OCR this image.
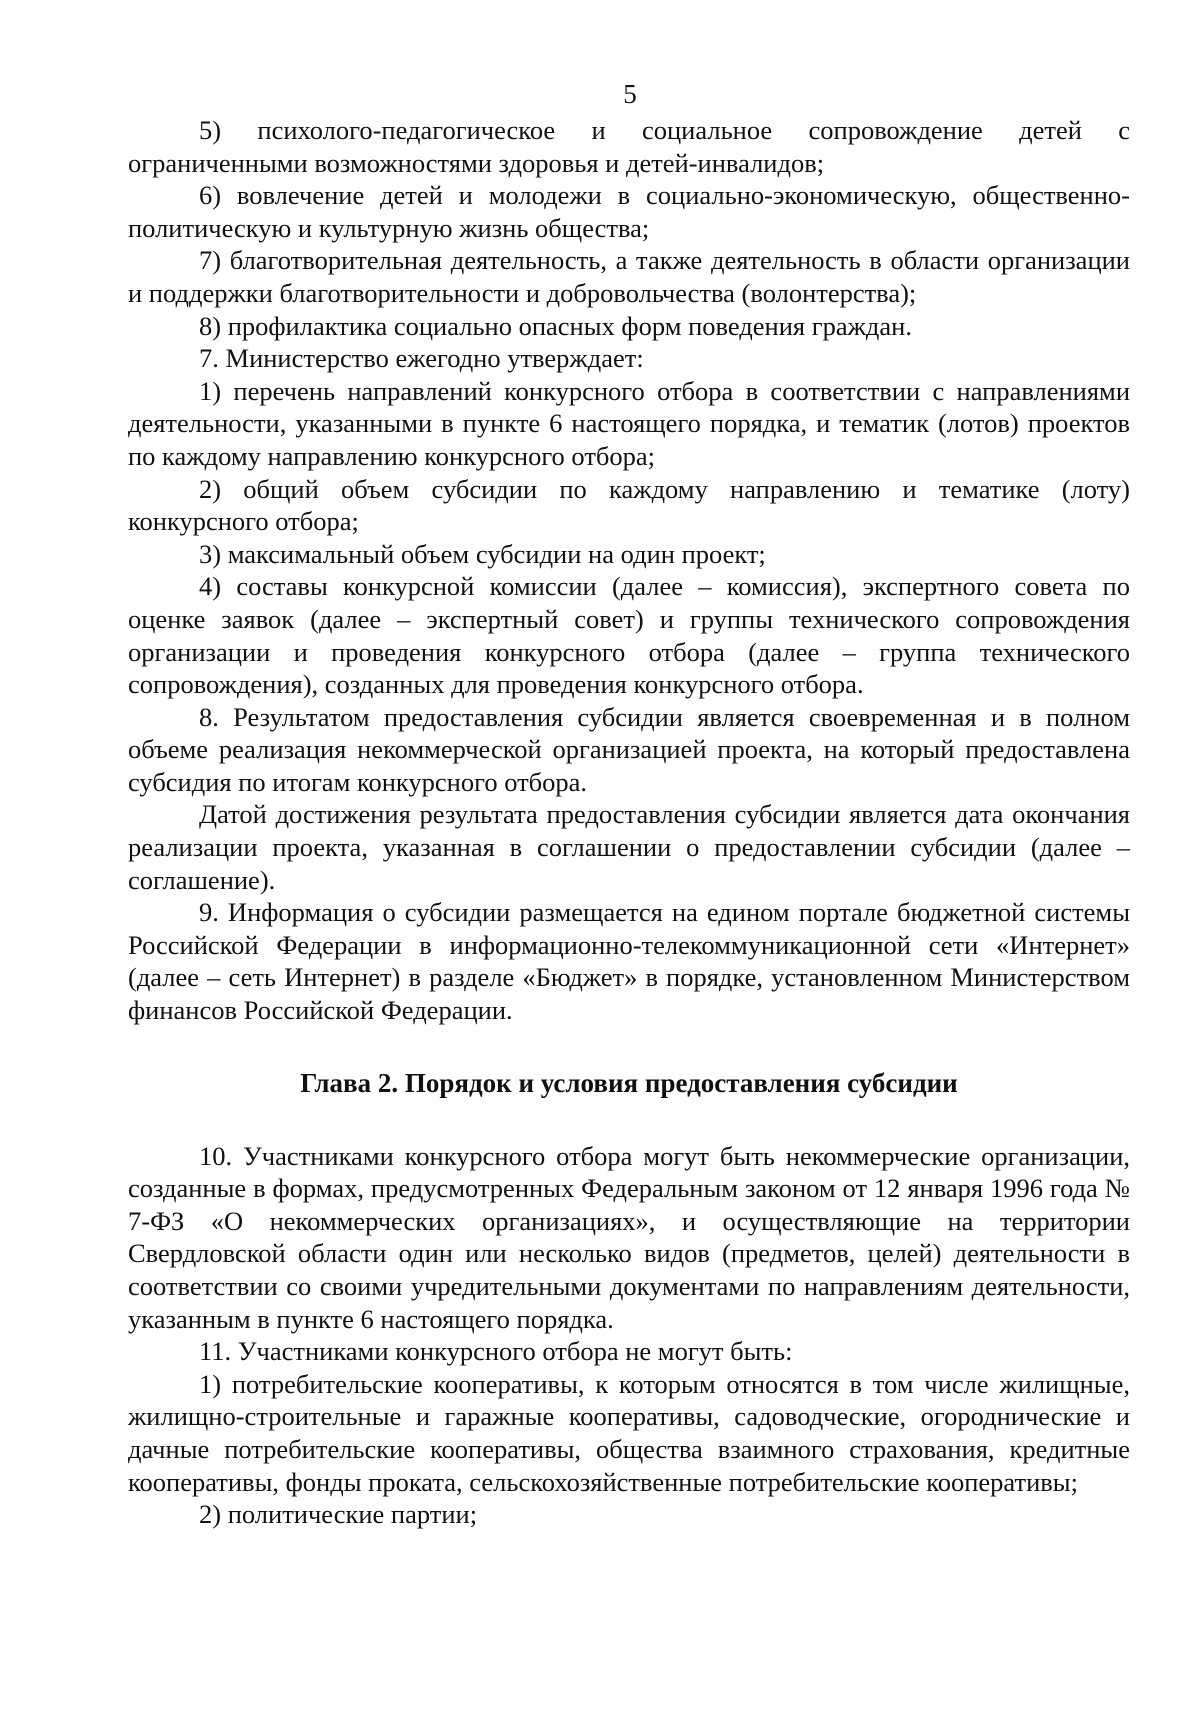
5

5) психолого-педагогическое и социальное сопровождение детей с ограниченными возможностями здоровья и детей-инвалидов;

6) вовлечение детей и молодежи в социально-экономическую, общественно-политическую и культурную жизнь общества;

7) благотворительная деятельность, а также деятельность в области организации и поддержки благотворительности и добровольчества (волонтерства);

8) профилактика социально опасных форм поведения граждан.

7. Министерство ежегодно утверждает:

1) перечень направлений конкурсного отбора в соответствии с направлениями деятельности, указанными в пункте 6 настоящего порядка, и тематик (лотов) проектов по каждому направлению конкурсного отбора;

2) общий объем субсидии по каждому направлению и тематике (лоту) конкурсного отбора;

3) максимальный объем субсидии на один проект;

4) составы конкурсной комиссии (далее – комиссия), экспертного совета по оценке заявок (далее – экспертный совет) и группы технического сопровождения организации и проведения конкурсного отбора (далее – группа технического сопровождения), созданных для проведения конкурсного отбора.

8. Результатом предоставления субсидии является своевременная и в полном объеме реализация некоммерческой организацией проекта, на который предоставлена субсидия по итогам конкурсного отбора.

Датой достижения результата предоставления субсидии является дата окончания реализации проекта, указанная в соглашении о предоставлении субсидии (далее – соглашение).

9. Информация о субсидии размещается на едином портале бюджетной системы Российской Федерации в информационно-телекоммуникационной сети «Интернет» (далее – сеть Интернет) в разделе «Бюджет» в порядке, установленном Министерством финансов Российской Федерации.

Глава 2. Порядок и условия предоставления субсидии

10. Участниками конкурсного отбора могут быть некоммерческие организации, созданные в формах, предусмотренных Федеральным законом от 12 января 1996 года № 7-ФЗ «О некоммерческих организациях», и осуществляющие на территории Свердловской области один или несколько видов (предметов, целей) деятельности в соответствии со своими учредительными документами по направлениям деятельности, указанным в пункте 6 настоящего порядка.

11. Участниками конкурсного отбора не могут быть:

1) потребительские кооперативы, к которым относятся в том числе жилищные, жилищно-строительные и гаражные кооперативы, садоводческие, огороднические и дачные потребительские кооперативы, общества взаимного страхования, кредитные кооперативы, фонды проката, сельскохозяйственные потребительские кооперативы;

2) политические партии;
